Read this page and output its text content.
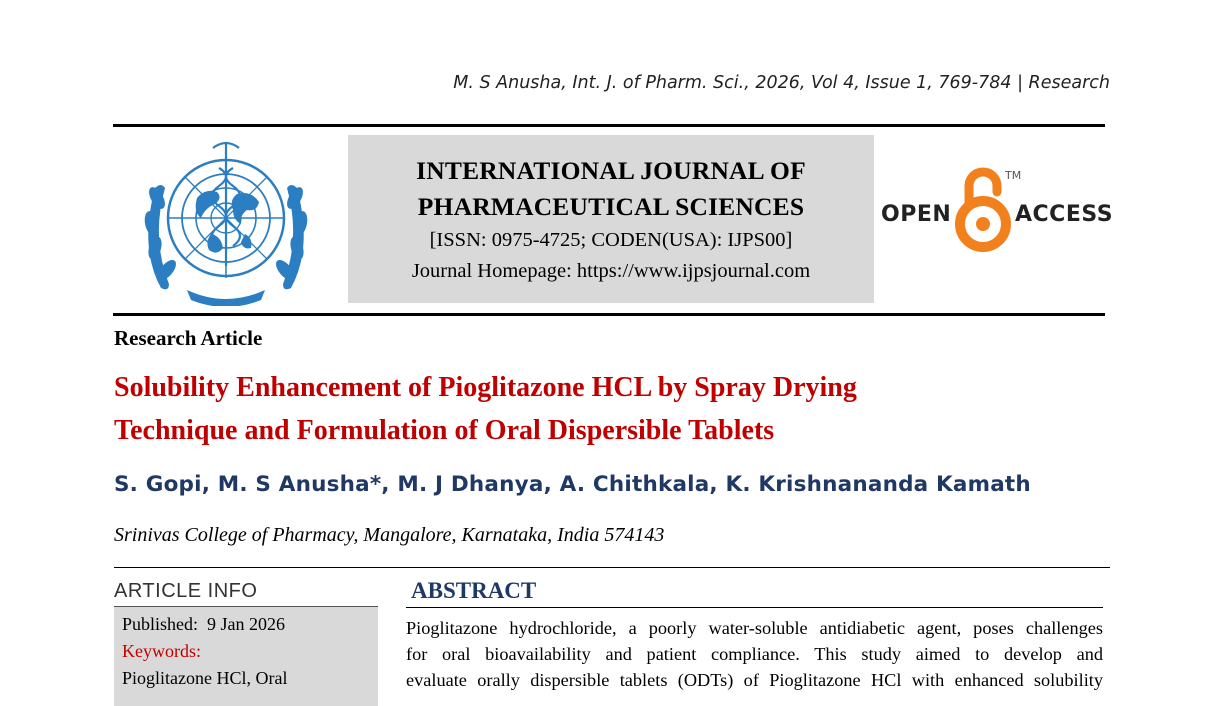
M. S Anusha, Int. J. of Pharm. Sci., 2026, Vol 4, Issue 1, 769-784 | Research
INTERNATIONAL JOURNAL OF
PHARMACEUTICAL SCIENCES
[ISSN: 0975-4725; CODEN(USA): IJPS00]
Journal Homepage: https://www.ijpsjournal.com
OPEN
TM
ACCESS
Research Article
Solubility Enhancement of Pioglitazone HCL by Spray Drying
Technique and Formulation of Oral Dispersible Tablets
S. Gopi, M. S Anusha*, M. J Dhanya, A. Chithkala, K. Krishnananda Kamath
Srinivas College of Pharmacy, Mangalore, Karnataka, India 574143
ARTICLE INFO
Published: 9 Jan 2026
Keywords:
Pioglitazone HCl, Oral
ABSTRACT
Pioglitazone hydrochloride, a poorly water-soluble antidiabetic agent, poses challenges
for oral bioavailability and patient compliance. This study aimed to develop and
evaluate orally dispersible tablets (ODTs) of Pioglitazone HCl with enhanced solubility
